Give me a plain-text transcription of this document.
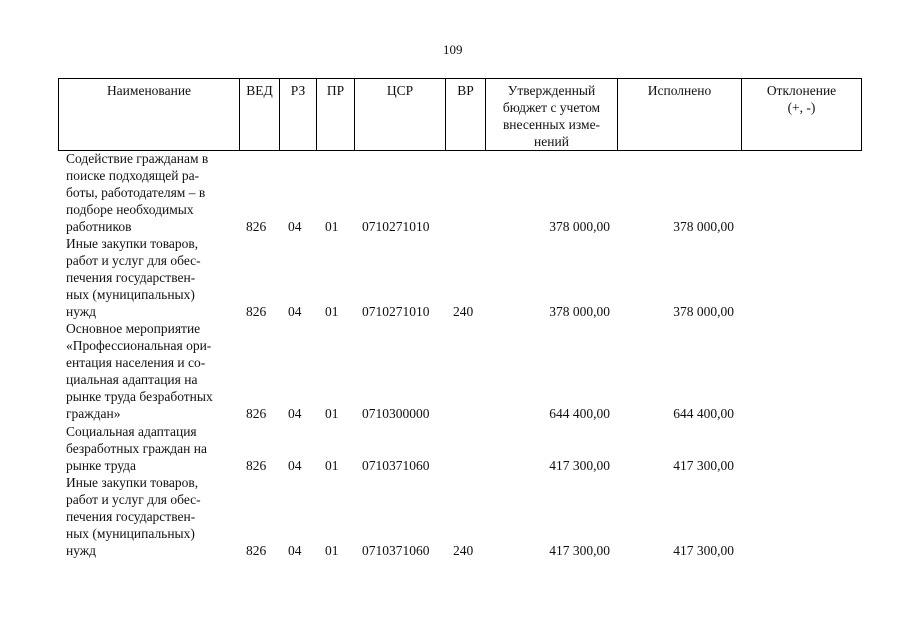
109
Наименование	ВЕД	РЗ	ПР	ЦСР	ВР	Утвержденный
бюджет с учетом
внесенных изме-
нений
Исполнено	Отклонение
(+, -)
Содействие гражданам в
поиске подходящей ра-
боты, работодателям – в
подборе необходимых
работников	826 04 01 0710271010	378 000,00	378 000,00
Иные закупки товаров,
работ и услуг для обес-
печения государствен-
ных (муниципальных)
нужд	826 04 01 0710271010 240	378 000,00	378 000,00
Основное мероприятие
«Профессиональная ори-
ентация населения и со-
циальная адаптация на
рынке труда безработных
граждан»	826 04 01 0710300000	644 400,00	644 400,00
Социальная адаптация
безработных граждан на
рынке труда	826 04 01 0710371060	417 300,00	417 300,00
Иные закупки товаров,
работ и услуг для обес-
печения государствен-
ных (муниципальных)
нужд	826 04 01 0710371060 240	417 300,00	417 300,00
